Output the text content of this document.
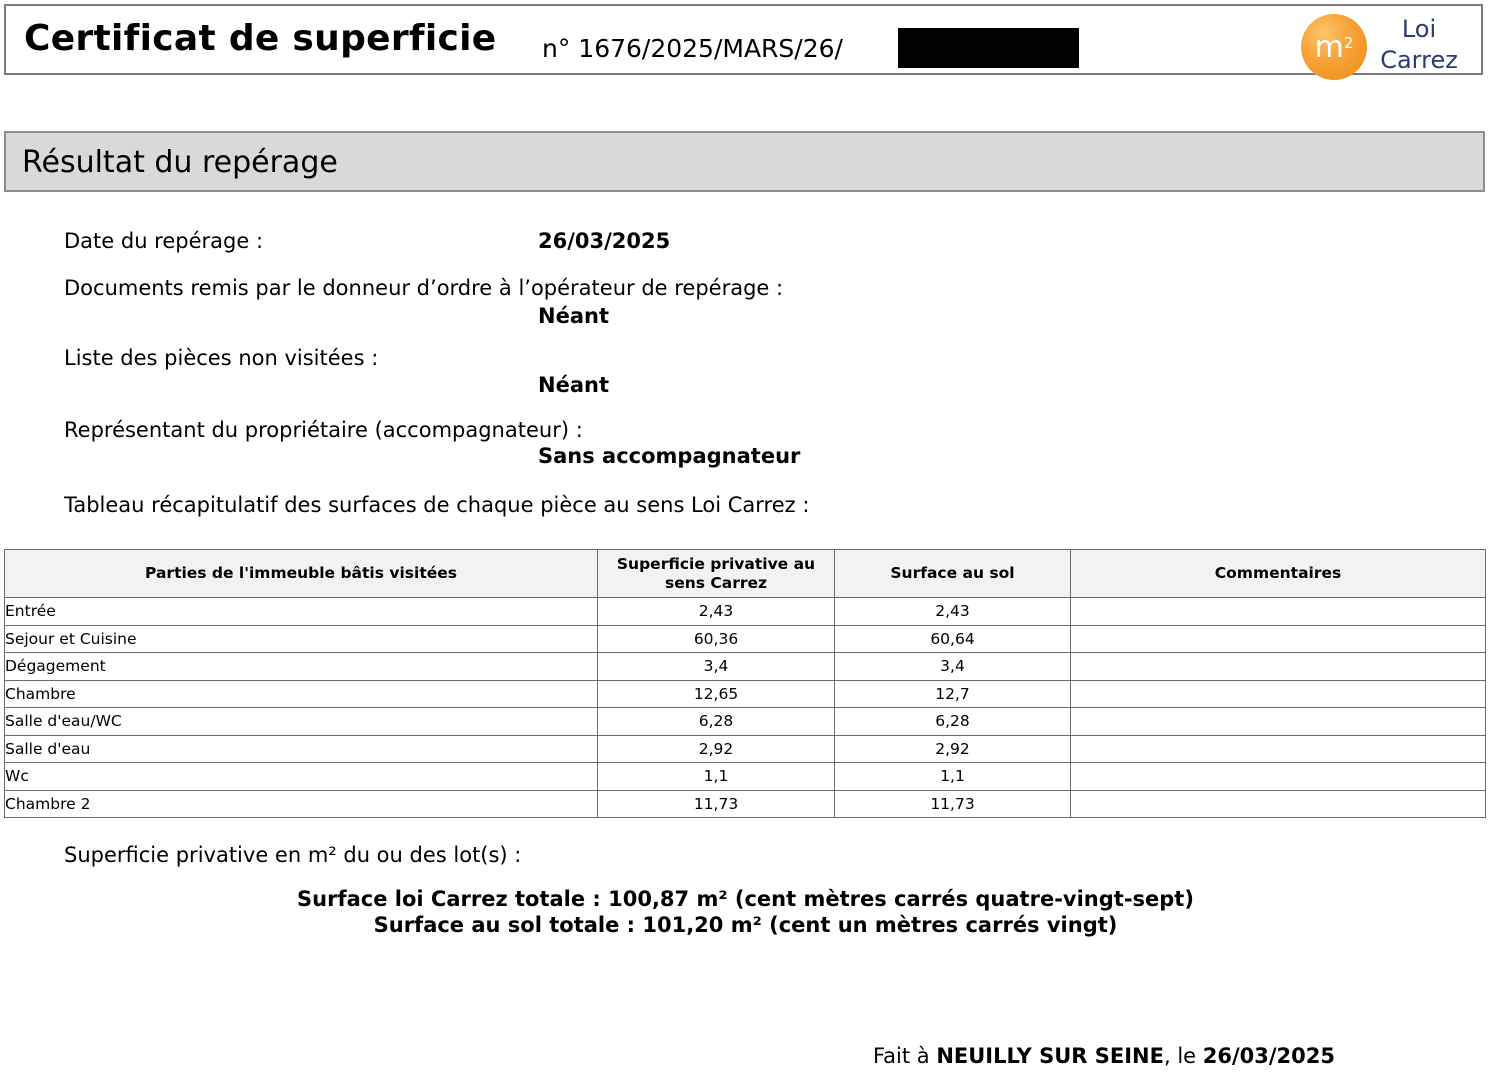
Certificat de superficie n° 1676/2025/MARS/26/	$m^2$	Loi
Carrez
Résultat du repérage
Date du repérage :	26/03/2025
Documents remis par le donneur d’ordre à l’opérateur de repérage :
Néant
Liste des pièces non visitées :
Néant
Représentant du propriétaire (accompagnateur) :
Sans accompagnateur
Tableau récapitulatif des surfaces de chaque pièce au sens Loi Carrez :
Parties de l'immeuble bâtis visitées	Superficie privative au sens Carrez	Surface au sol	Commentaires
Entrée	2,43	2,43	
Sejour et Cuisine	60,36	60,64	
Dégagement	3,4	3,4	
Chambre	12,65	12,7	
Salle d'eau/WC	6,28	6,28	
Salle d'eau	2,92	2,92	
Wc	1,1	1,1	
Chambre 2	11,73	11,73	
Superficie privative en m² du ou des lot(s) :
Surface loi Carrez totale : 100,87 m² (cent mètres carrés quatre-vingt-sept)
Surface au sol totale : 101,20 m² (cent un mètres carrés vingt)
Fait à NEUILLY SUR SEINE, le 26/03/2025
